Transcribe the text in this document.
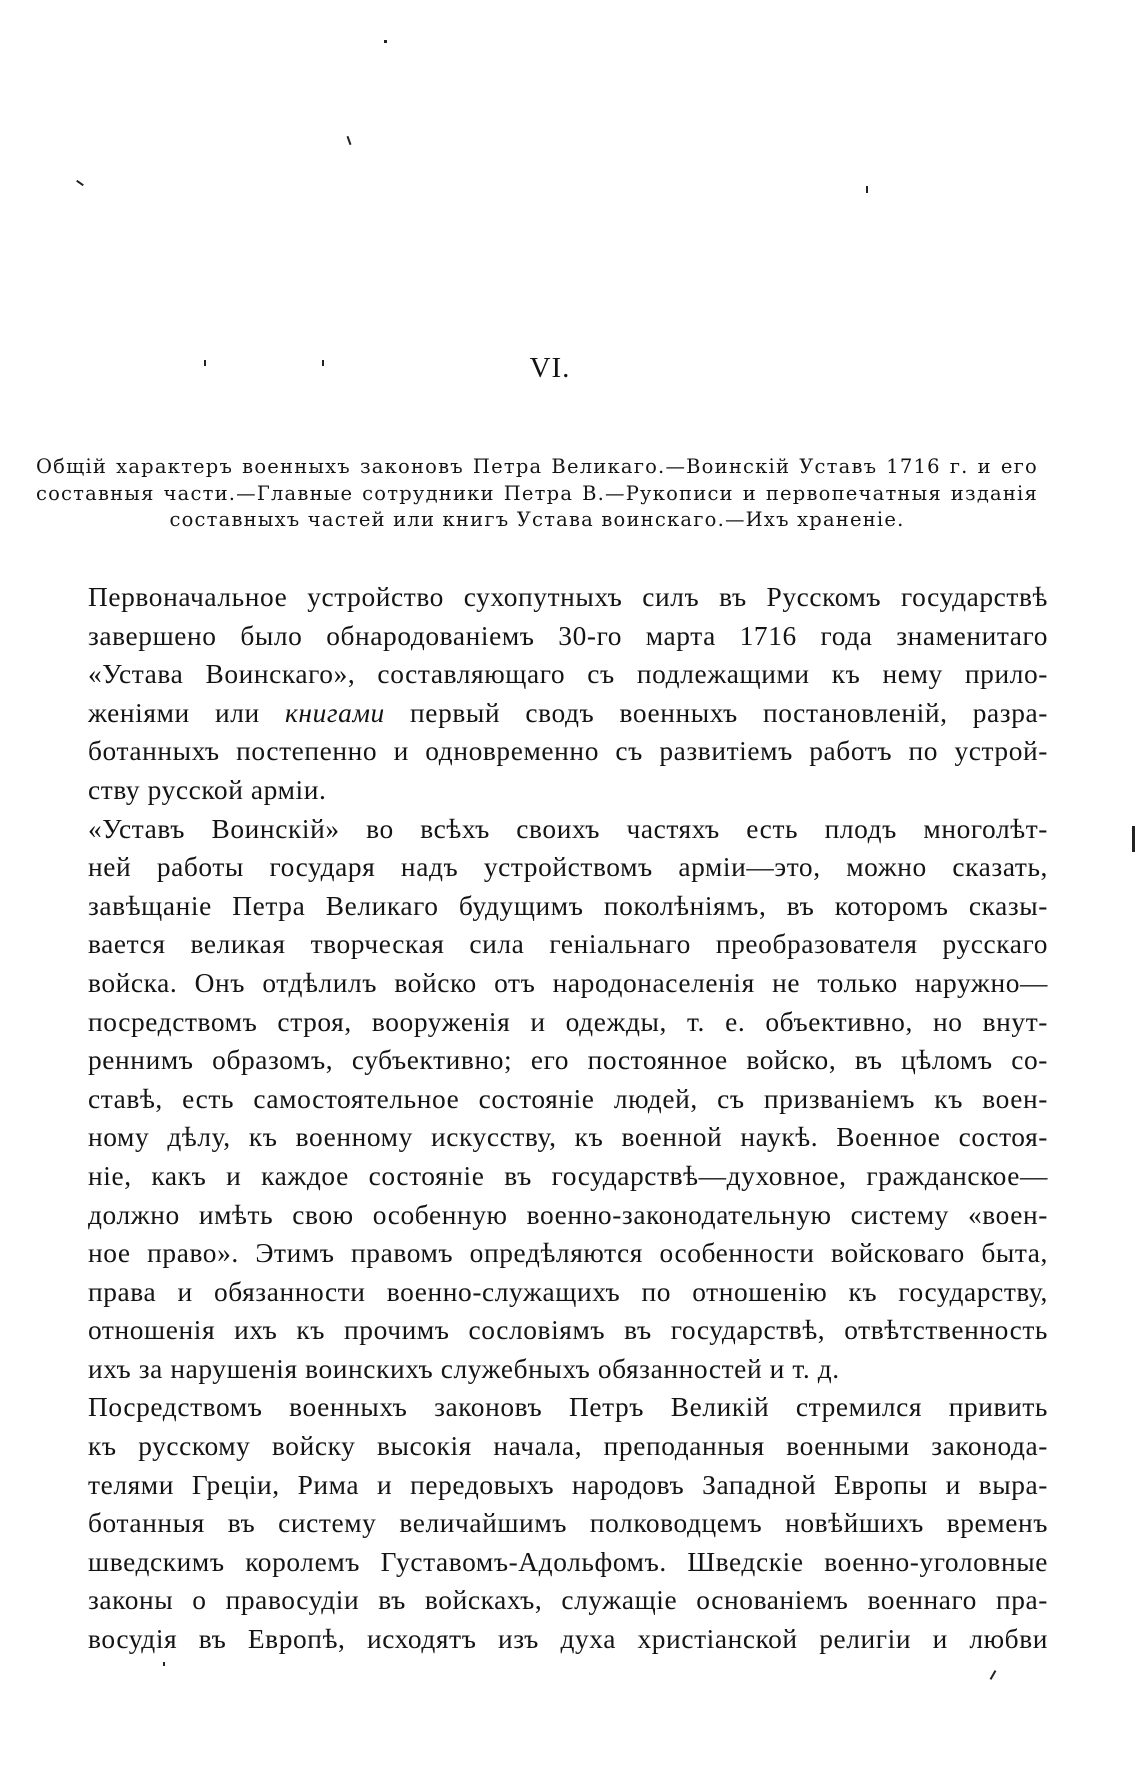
VI.
Общій характеръ военныхъ законовъ Петра Великаго.—Воинскій Уставъ 1716 г. и его составныя части.—Главные сотрудники Петра В.—Рукописи и первопечатныя изданія составныхъ частей или книгъ Устава воинскаго.—Ихъ храненіе.

Первоначальное устройство сухопутныхъ силъ въ Русскомъ государствѣ
завершено было обнародованіемъ 30-го марта 1716 года знаменитаго
«Устава Воинскаго», составляющаго съ подлежащими къ нему прило-
женіями или книгами первый сводъ военныхъ постановленій, разра-
ботанныхъ постепенно и одновременно съ развитіемъ работъ по устрой-
ству русской арміи.

«Уставъ Воинскій» во всѣхъ своихъ частяхъ есть плодъ многолѣт-
ней работы государя надъ устройствомъ арміи—это, можно сказать,
завѣщаніе Петра Великаго будущимъ поколѣніямъ, въ которомъ сказы-
вается великая творческая сила геніальнаго преобразователя русскаго
войска. Онъ отдѣлилъ войско отъ народонаселенія не только наружно—
посредствомъ строя, вооруженія и одежды, т. е. объективно, но внут-
реннимъ образомъ, субъективно; его постоянное войско, въ цѣломъ со-
ставѣ, есть самостоятельное состояніе людей, съ призваніемъ къ воен-
ному дѣлу, къ военному искусству, къ военной наукѣ. Военное состоя-
ніе, какъ и каждое состояніе въ государствѣ—духовное, гражданское—
должно имѣть свою особенную военно-законодательную систему «воен-
ное право». Этимъ правомъ опредѣляются особенности войсковаго быта,
права и обязанности военно-служащихъ по отношенію къ государству,
отношенія ихъ къ прочимъ сословіямъ въ государствѣ, отвѣтственность
ихъ за нарушенія воинскихъ служебныхъ обязанностей и т. д.

Посредствомъ военныхъ законовъ Петръ Великій стремился привить
къ русскому войску высокія начала, преподанныя военными законода-
телями Греціи, Рима и передовыхъ народовъ Западной Европы и выра-
ботанныя въ систему величайшимъ полководцемъ новѣйшихъ временъ
шведскимъ королемъ Густавомъ-Адольфомъ. Шведскіе военно-уголовные
законы о правосудіи въ войскахъ, служащіе основаніемъ военнаго пра-
восудія въ Европѣ, исходятъ изъ духа христіанской религіи и любви
